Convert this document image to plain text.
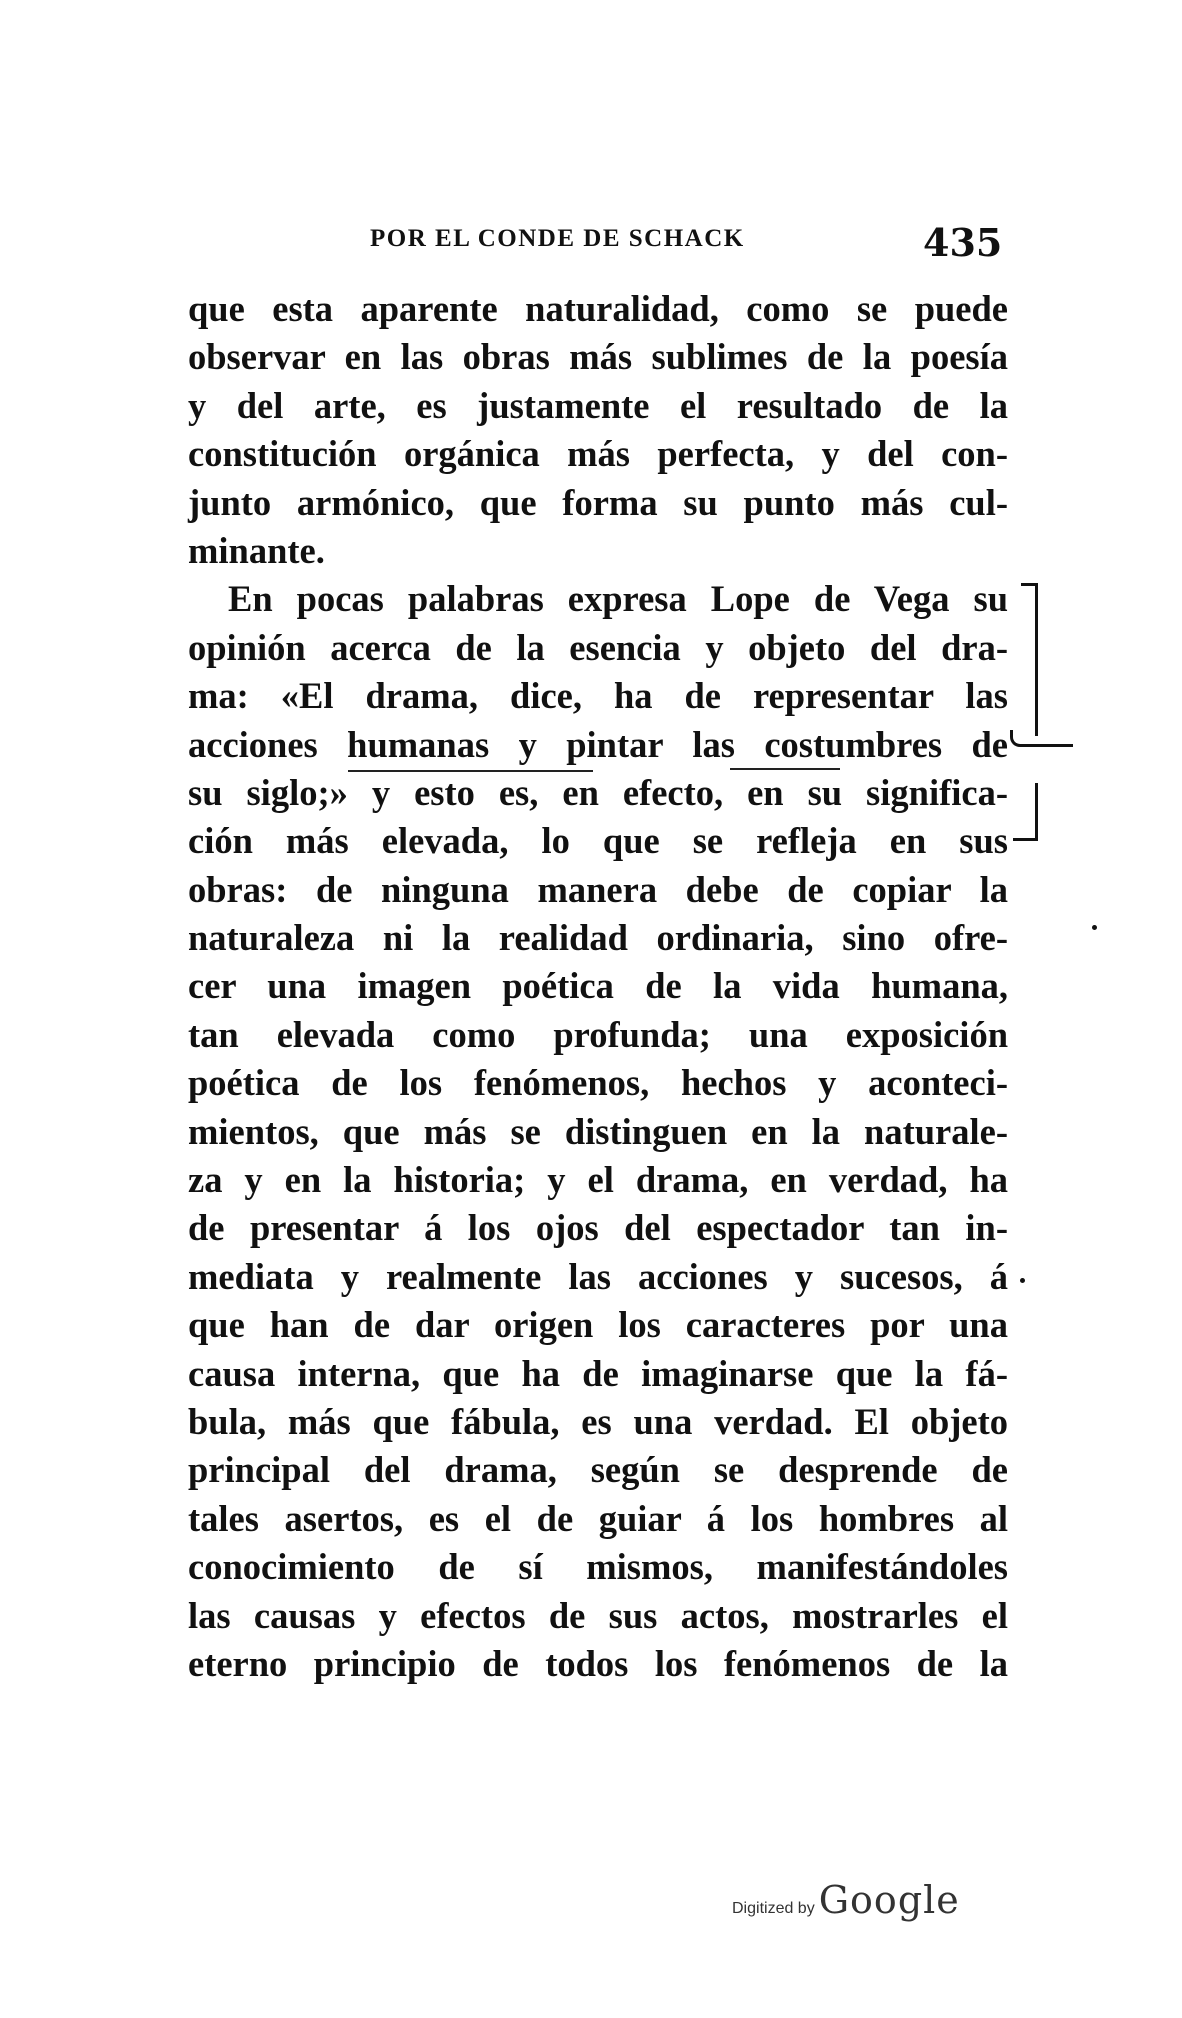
POR EL CONDE DE SCHACK	435
que esta aparente naturalidad, como se puede
observar en las obras más sublimes de la poesía
y del arte, es justamente el resultado de la
constitución orgánica más perfecta, y del con-
junto armónico, que forma su punto más cul-
minante.
En pocas palabras expresa Lope de Vega su
opinión acerca de la esencia y objeto del dra-
ma: «El drama, dice, ha de representar las
acciones humanas y pintar las costumbres de
su siglo;» y esto es, en efecto, en su significa-
ción más elevada, lo que se refleja en sus
obras: de ninguna manera debe de copiar la
naturaleza ni la realidad ordinaria, sino ofre-
cer una imagen poética de la vida humana,
tan elevada como profunda; una exposición
poética de los fenómenos, hechos y aconteci-
mientos, que más se distinguen en la naturale-
za y en la historia; y el drama, en verdad, ha
de presentar á los ojos del espectador tan in-
mediata y realmente las acciones y sucesos, á
que han de dar origen los caracteres por una
causa interna, que ha de imaginarse que la fá-
bula, más que fábula, es una verdad. El objeto
principal del drama, según se desprende de
tales asertos, es el de guiar á los hombres al
conocimiento de sí mismos, manifestándoles
las causas y efectos de sus actos, mostrarles el
eterno principio de todos los fenómenos de la
Digitized by Google
